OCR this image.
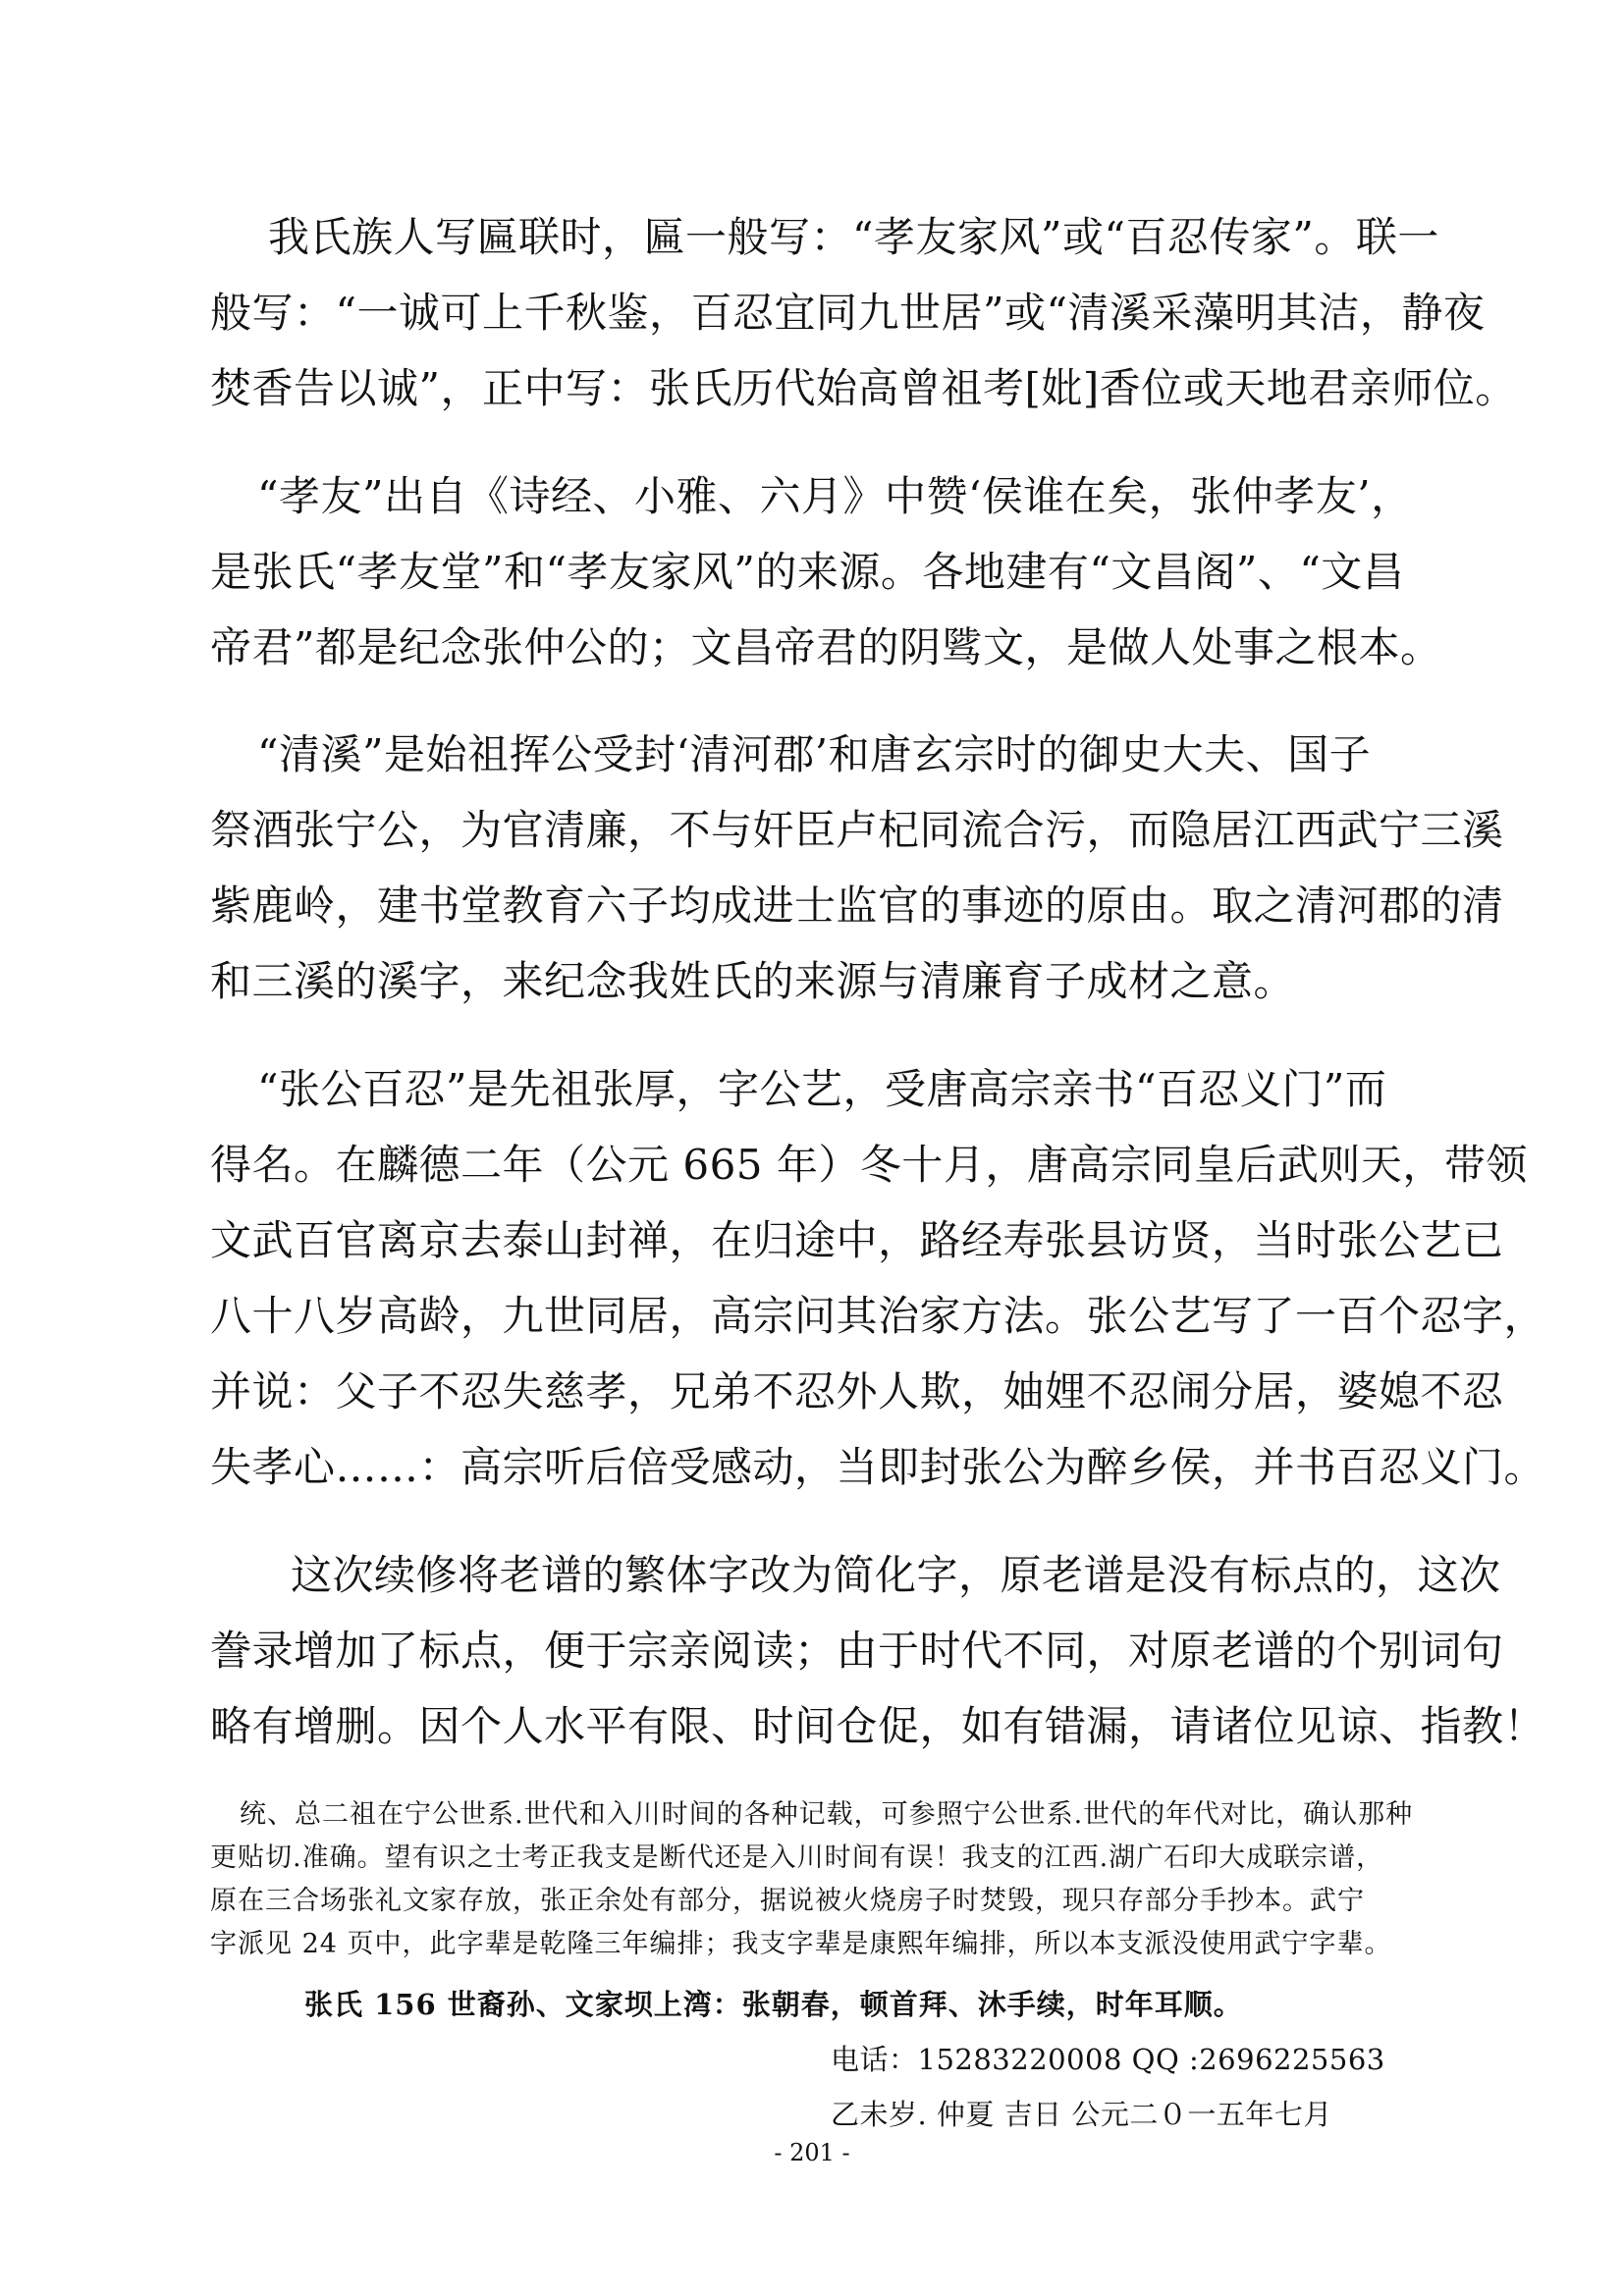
我氏族人写匾联时，匾一般写：“孝友家风”或“百忍传家”。联一
般写：“一诚可上千秋鉴，百忍宜同九世居”或“清溪采藻明其洁，静夜
焚香告以诚”，正中写：张氏历代始高曾祖考[妣]香位或天地君亲师位。
“孝友”出自《诗经、小雅、六月》中赞‘侯谁在矣，张仲孝友’，
是张氏“孝友堂”和“孝友家风”的来源。各地建有“文昌阁”、“文昌
帝君”都是纪念张仲公的；文昌帝君的阴骘文，是做人处事之根本。
“清溪”是始祖挥公受封‘清河郡’和唐玄宗时的御史大夫、国子
祭酒张宁公，为官清廉，不与奸臣卢杞同流合污，而隐居江西武宁三溪
紫鹿岭，建书堂教育六子均成进士监官的事迹的原由。取之清河郡的清
和三溪的溪字，来纪念我姓氏的来源与清廉育子成材之意。
“张公百忍”是先祖张厚，字公艺，受唐高宗亲书“百忍义门”而
得名。在麟德二年（公元 665 年）冬十月，唐高宗同皇后武则天，带领
文武百官离京去泰山封禅，在归途中，路经寿张县访贤，当时张公艺已
八十八岁高龄，九世同居，高宗问其治家方法。张公艺写了一百个忍字，
并说：父子不忍失慈孝，兄弟不忍外人欺，妯娌不忍闹分居，婆媳不忍
失孝心……：高宗听后倍受感动，当即封张公为醉乡侯，并书百忍义门。
这次续修将老谱的繁体字改为简化字，原老谱是没有标点的，这次
誊录增加了标点，便于宗亲阅读；由于时代不同，对原老谱的个别词句
略有增删。因个人水平有限、时间仓促，如有错漏，请诸位见谅、指教！
统、总二祖在宁公世系.世代和入川时间的各种记载，可参照宁公世系.世代的年代对比，确认那种
更贴切.准确。望有识之士考正我支是断代还是入川时间有误！我支的江西.湖广石印大成联宗谱，
原在三合场张礼文家存放，张正余处有部分，据说被火烧房子时焚毁，现只存部分手抄本。武宁
字派见 24 页中，此字辈是乾隆三年编排；我支字辈是康熙年编排，所以本支派没使用武宁字辈。
张氏 156 世裔孙、文家坝上湾：张朝春，顿首拜、沐手续，时年耳顺。
电话：15283220008 QQ :2696225563
乙未岁. 仲夏 吉日 公元二０一五年七月
- 201 -
